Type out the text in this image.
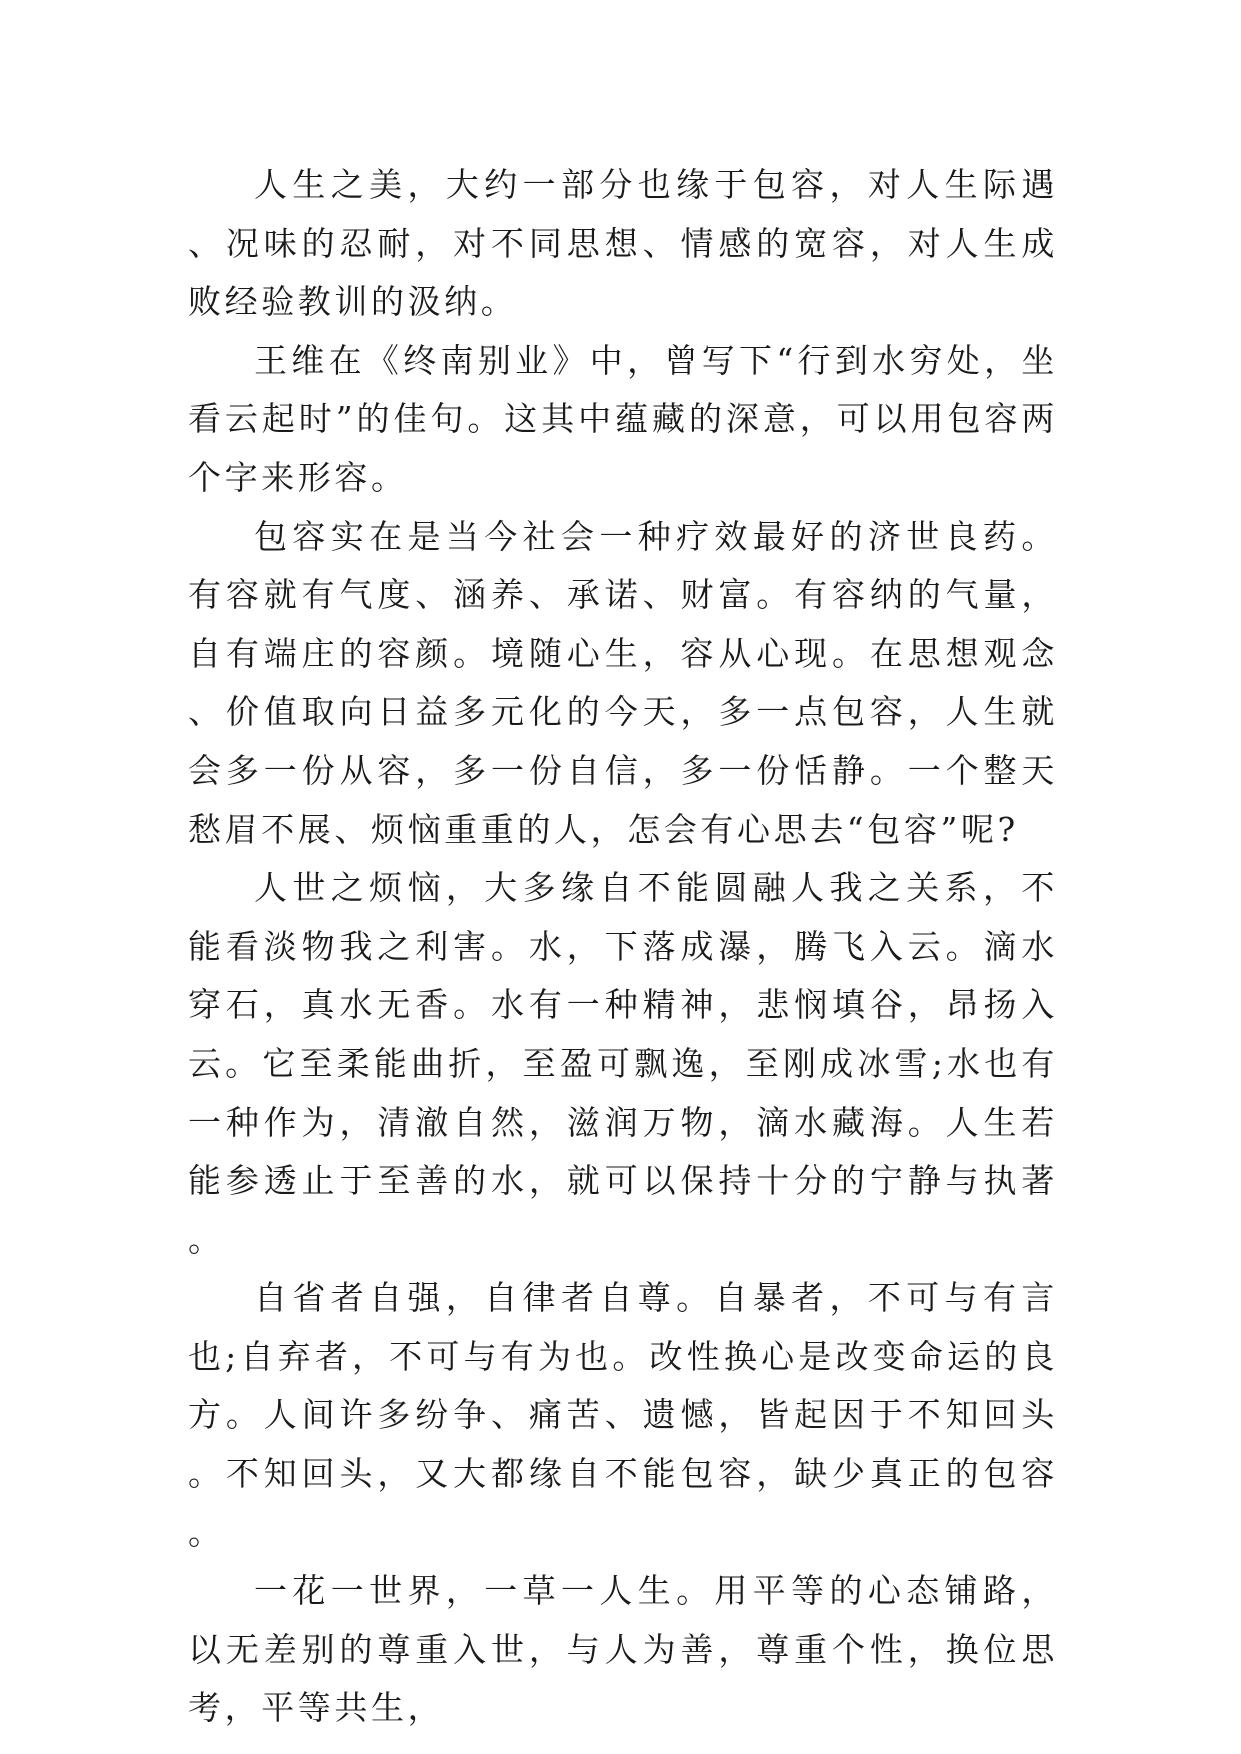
人生之美，大约一部分也缘于包容，对人生际遇、况味的忍耐，对不同思想、情感的宽容，对人生成败经验教训的汲纳。

王维在《终南别业》中，曾写下“行到水穷处，坐看云起时”的佳句。这其中蕴藏的深意，可以用包容两个字来形容。

包容实在是当今社会一种疗效最好的济世良药。有容就有气度、涵养、承诺、财富。有容纳的气量，自有端庄的容颜。境随心生，容从心现。在思想观念、价值取向日益多元化的今天，多一点包容，人生就会多一份从容，多一份自信，多一份恬静。一个整天愁眉不展、烦恼重重的人，怎会有心思去“包容”呢?

人世之烦恼，大多缘自不能圆融人我之关系，不能看淡物我之利害。水，下落成瀑，腾飞入云。滴水穿石，真水无香。水有一种精神，悲悯填谷，昂扬入云。它至柔能曲折，至盈可飘逸，至刚成冰雪;水也有一种作为，清澈自然，滋润万物，滴水藏海。人生若能参透止于至善的水，就可以保持十分的宁静与执著。

自省者自强，自律者自尊。自暴者，不可与有言也;自弃者，不可与有为也。改性换心是改变命运的良方。人间许多纷争、痛苦、遗憾，皆起因于不知回头。不知回头，又大都缘自不能包容，缺少真正的包容。

一花一世界，一草一人生。用平等的心态铺路，以无差别的尊重入世，与人为善，尊重个性，换位思考，平等共生，
